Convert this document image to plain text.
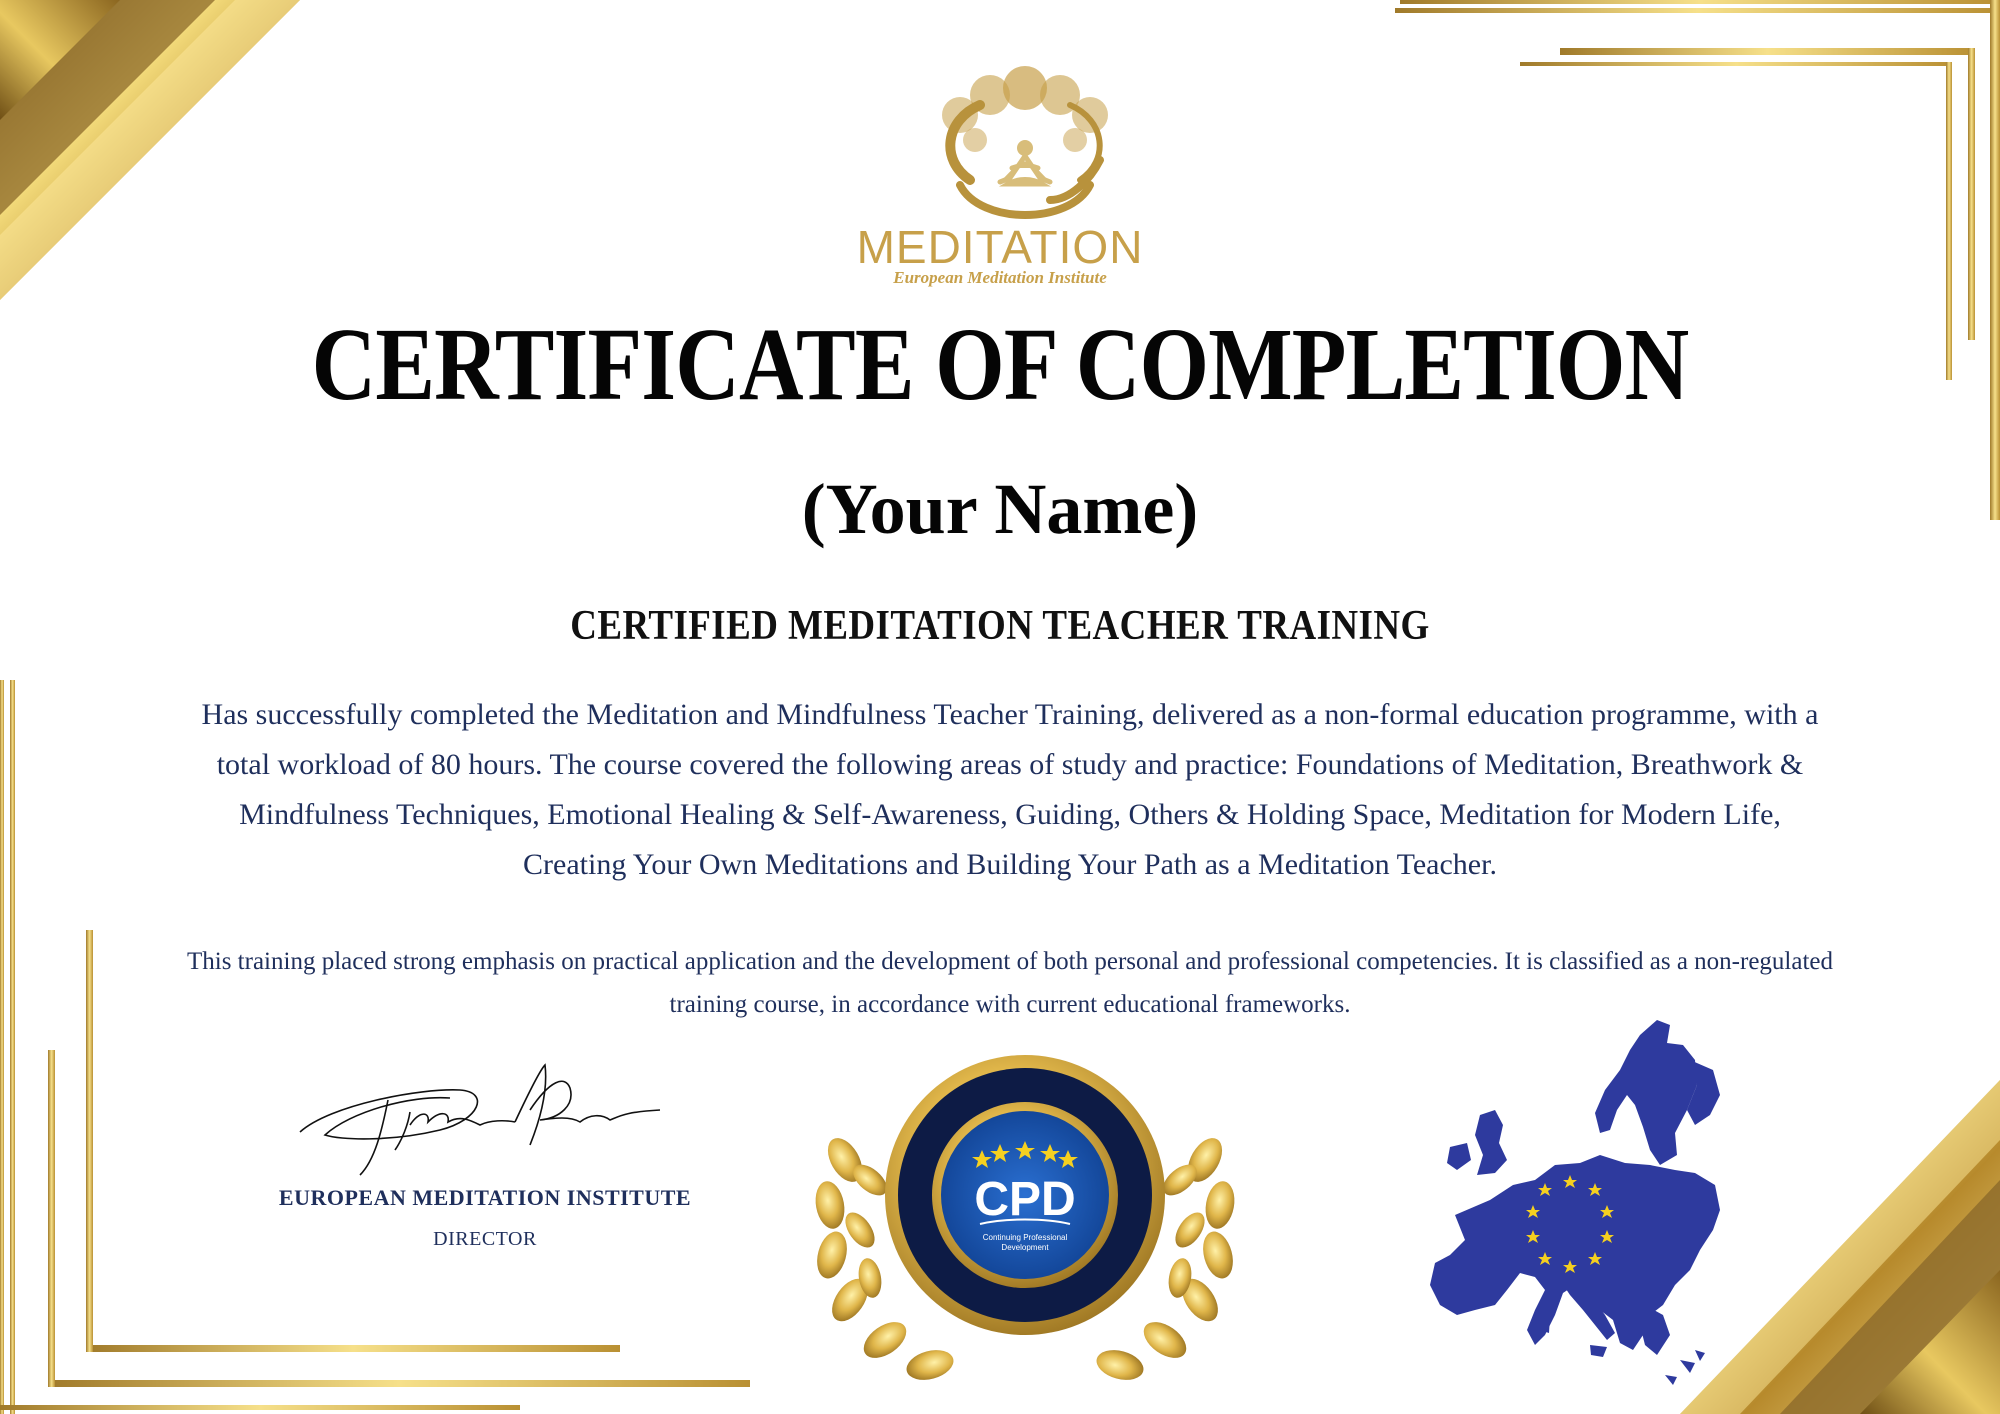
MEDITATION
European Meditation Institute
CERTIFICATE OF COMPLETION
(Your Name)
CERTIFIED MEDITATION TEACHER TRAINING
Has successfully completed the Meditation and Mindfulness Teacher Training, delivered as a non-formal education programme, with a total workload of 80 hours. The course covered the following areas of study and practice: Foundations of Meditation, Breathwork & Mindfulness Techniques, Emotional Healing & Self-Awareness, Guiding, Others & Holding Space, Meditation for Modern Life, Creating Your Own Meditations and Building Your Path as a Meditation Teacher.
This training placed strong emphasis on practical application and the development of both personal and professional competencies. It is classified as a non-regulated training course, in accordance with current educational frameworks.
EUROPEAN MEDITATION INSTITUTE
DIRECTOR
CPD
Continuing Professional
Development
